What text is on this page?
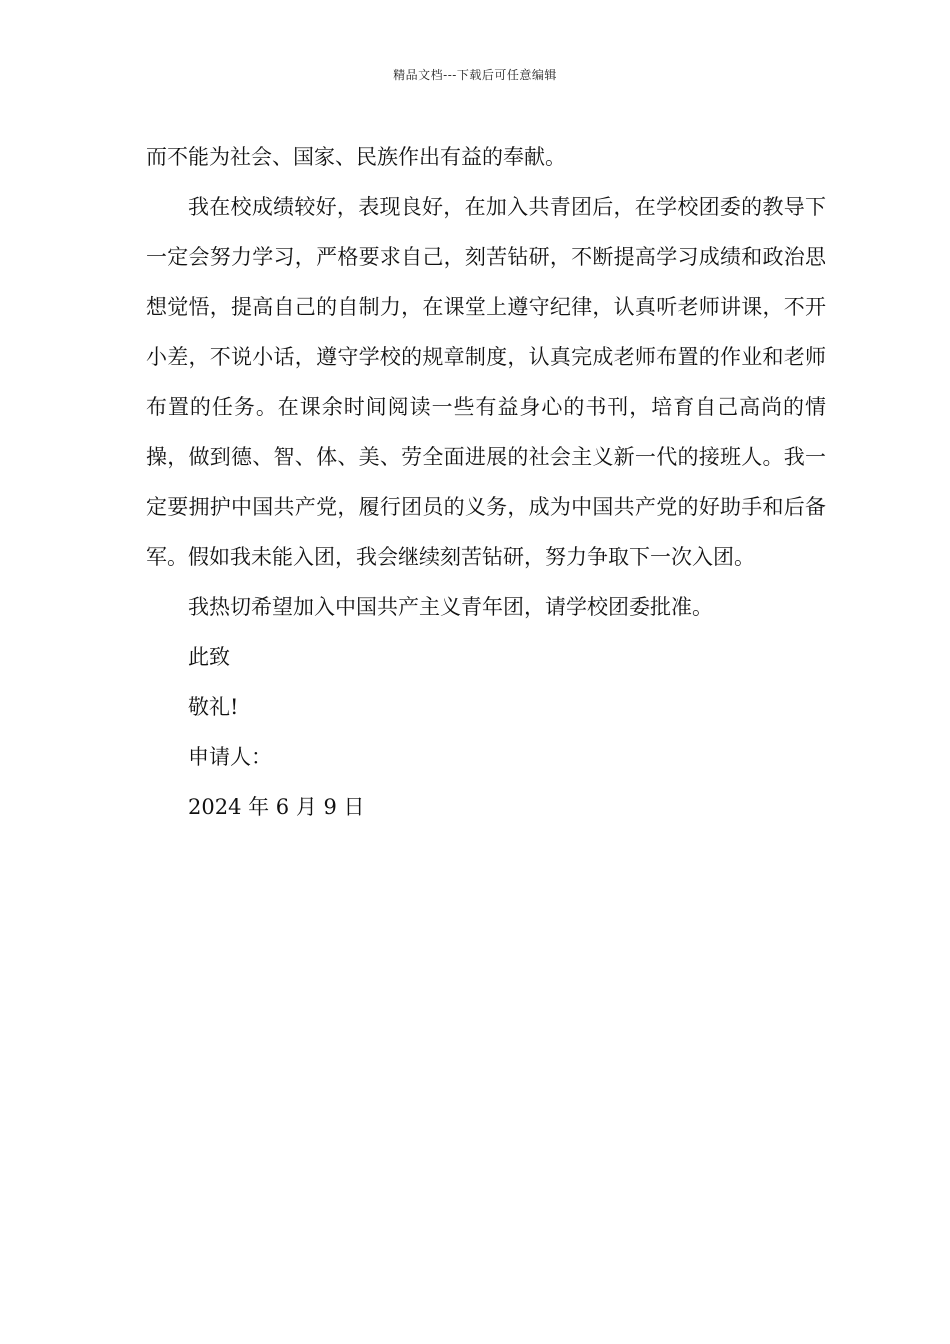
精品文档---下载后可任意编辑

而不能为社会、国家、民族作出有益的奉献。

我在校成绩较好，表现良好，在加入共青团后，在学校团委的教导下一定会努力学习，严格要求自己，刻苦钻研，不断提高学习成绩和政治思想觉悟，提高自己的自制力，在课堂上遵守纪律，认真听老师讲课，不开小差，不说小话，遵守学校的规章制度，认真完成老师布置的作业和老师布置的任务。在课余时间阅读一些有益身心的书刊，培育自己高尚的情操，做到德、智、体、美、劳全面进展的社会主义新一代的接班人。我一定要拥护中国共产党，履行团员的义务，成为中国共产党的好助手和后备军。假如我未能入团，我会继续刻苦钻研，努力争取下一次入团。

我热切希望加入中国共产主义青年团，请学校团委批准。

此致
敬礼!
申请人：
2024 年 6 月 9 日
